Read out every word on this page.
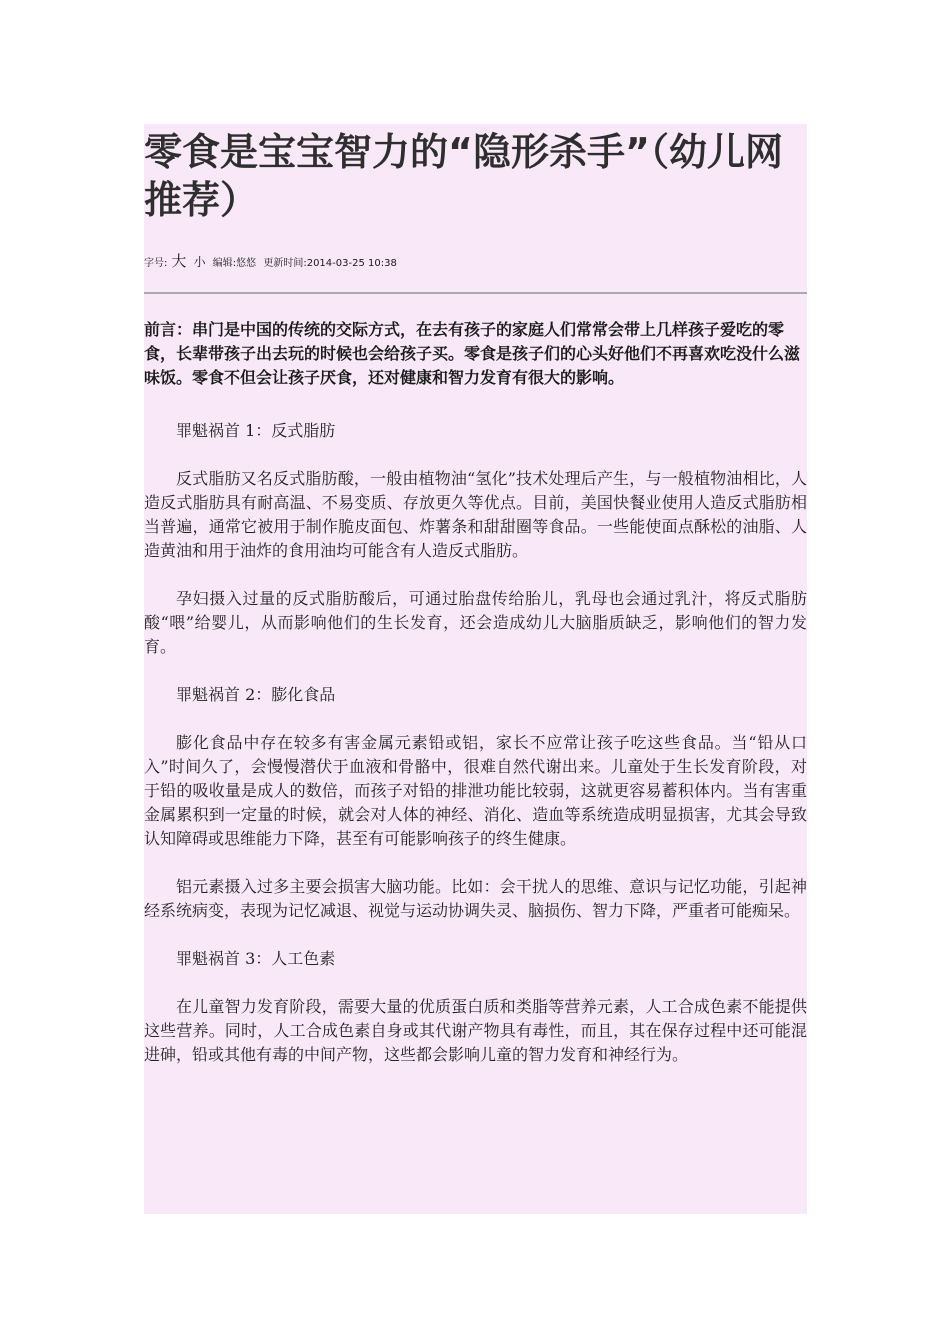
零食是宝宝智力的“隐形杀手”（幼儿网推荐）
字号: 大 小 编辑:悠悠 更新时间:2014-03-25 10:38

前言：串门是中国的传统的交际方式，在去有孩子的家庭人们常常会带上几样孩子爱吃的零食，长辈带孩子出去玩的时候也会给孩子买。零食是孩子们的心头好他们不再喜欢吃没什么滋味饭。零食不但会让孩子厌食，还对健康和智力发育有很大的影响。

罪魁祸首 1：反式脂肪

反式脂肪又名反式脂肪酸，一般由植物油“氢化”技术处理后产生，与一般植物油相比，人造反式脂肪具有耐高温、不易变质、存放更久等优点。目前，美国快餐业使用人造反式脂肪相当普遍，通常它被用于制作脆皮面包、炸薯条和甜甜圈等食品。一些能使面点酥松的油脂、人造黄油和用于油炸的食用油均可能含有人造反式脂肪。

孕妇摄入过量的反式脂肪酸后，可通过胎盘传给胎儿，乳母也会通过乳汁，将反式脂肪酸“喂”给婴儿，从而影响他们的生长发育，还会造成幼儿大脑脂质缺乏，影响他们的智力发育。

罪魁祸首 2：膨化食品

膨化食品中存在较多有害金属元素铅或铝，家长不应常让孩子吃这些食品。当“铅从口入”时间久了，会慢慢潜伏于血液和骨骼中，很难自然代谢出来。儿童处于生长发育阶段，对于铅的吸收量是成人的数倍，而孩子对铅的排泄功能比较弱，这就更容易蓄积体内。当有害重金属累积到一定量的时候，就会对人体的神经、消化、造血等系统造成明显损害，尤其会导致认知障碍或思维能力下降，甚至有可能影响孩子的终生健康。

铝元素摄入过多主要会损害大脑功能。比如：会干扰人的思维、意识与记忆功能，引起神经系统病变，表现为记忆减退、视觉与运动协调失灵、脑损伤、智力下降，严重者可能痴呆。

罪魁祸首 3：人工色素

在儿童智力发育阶段，需要大量的优质蛋白质和类脂等营养元素，人工合成色素不能提供这些营养。同时，人工合成色素自身或其代谢产物具有毒性，而且，其在保存过程中还可能混进砷，铅或其他有毒的中间产物，这些都会影响儿童的智力发育和神经行为。
